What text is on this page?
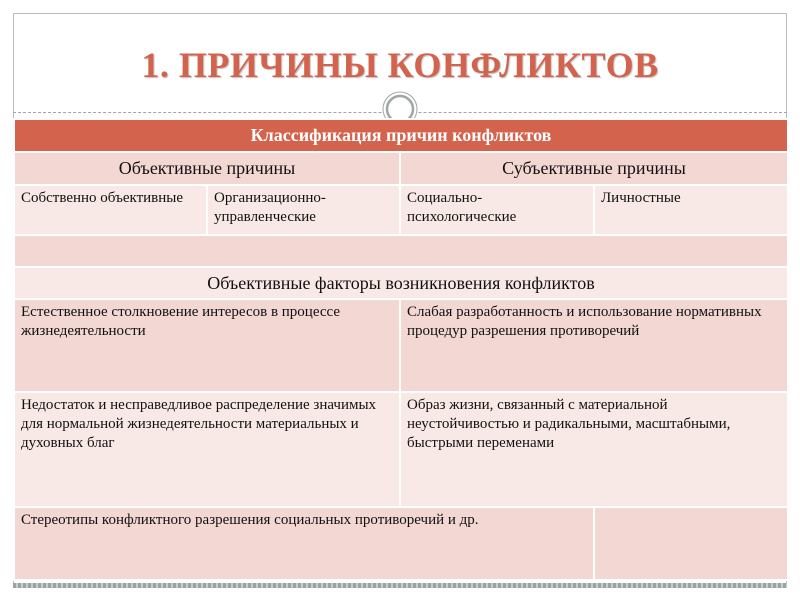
1. ПРИЧИНЫ КОНФЛИКТОВ
Классификация причин конфликтов			
Объективные причины		Субъективные причины	
Собственно объективные	Организационно-управленческие	Социально-психологические	Личностные

Объективные факторы возникновения конфликтов			
Естественное столкновение интересов в процессе жизнедеятельности		Слабая разработанность и использование нормативных процедур разрешения противоречий	
Недостаток и несправедливое распределение значимых для нормальной жизнедеятельности материальных и духовных благ		Образ жизни, связанный с материальной неустойчивостью и радикальными, масштабными, быстрыми переменами	
Стереотипы конфликтного разрешения социальных противоречий и др.			
